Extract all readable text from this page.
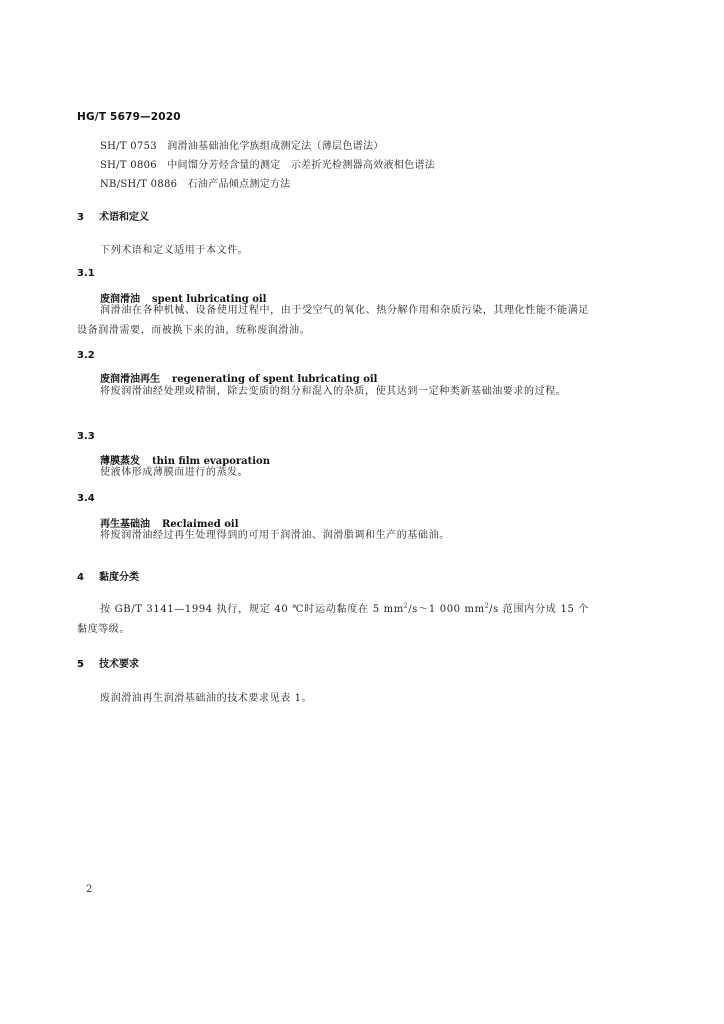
HG/T 5679—2020
SH/T 0753　润滑油基础油化学族组成测定法（薄层色谱法）
SH/T 0806　中间馏分芳烃含量的测定　示差折光检测器高效液相色谱法
NB/SH/T 0886　石油产品倾点测定方法
3 术语和定义
下列术语和定义适用于本文件。
3.1
废润滑油 spent lubricating oil
润滑油在各种机械、设备使用过程中，由于受空气的氧化、热分解作用和杂质污染，其理化性能不能满足设备润滑需要，而被换下来的油，统称废润滑油。
3.2
废润滑油再生 regenerating of spent lubricating oil
将废润滑油经处理或精制，除去变质的组分和混入的杂质，使其达到一定种类新基础油要求的过程。
3.3
薄膜蒸发 thin film evaporation
使液体形成薄膜而进行的蒸发。
3.4
再生基础油 Reclaimed oil
将废润滑油经过再生处理得到的可用于润滑油、润滑脂调和生产的基础油。
4 黏度分类
按 GB/T 3141—1994 执行，规定 40 ℃时运动黏度在 5 $mm^2/s\sim 1$ 000 $mm^2/s$ 范围内分成 15 个黏度等级。
5 技术要求
废润滑油再生润滑基础油的技术要求见表 1。
2
